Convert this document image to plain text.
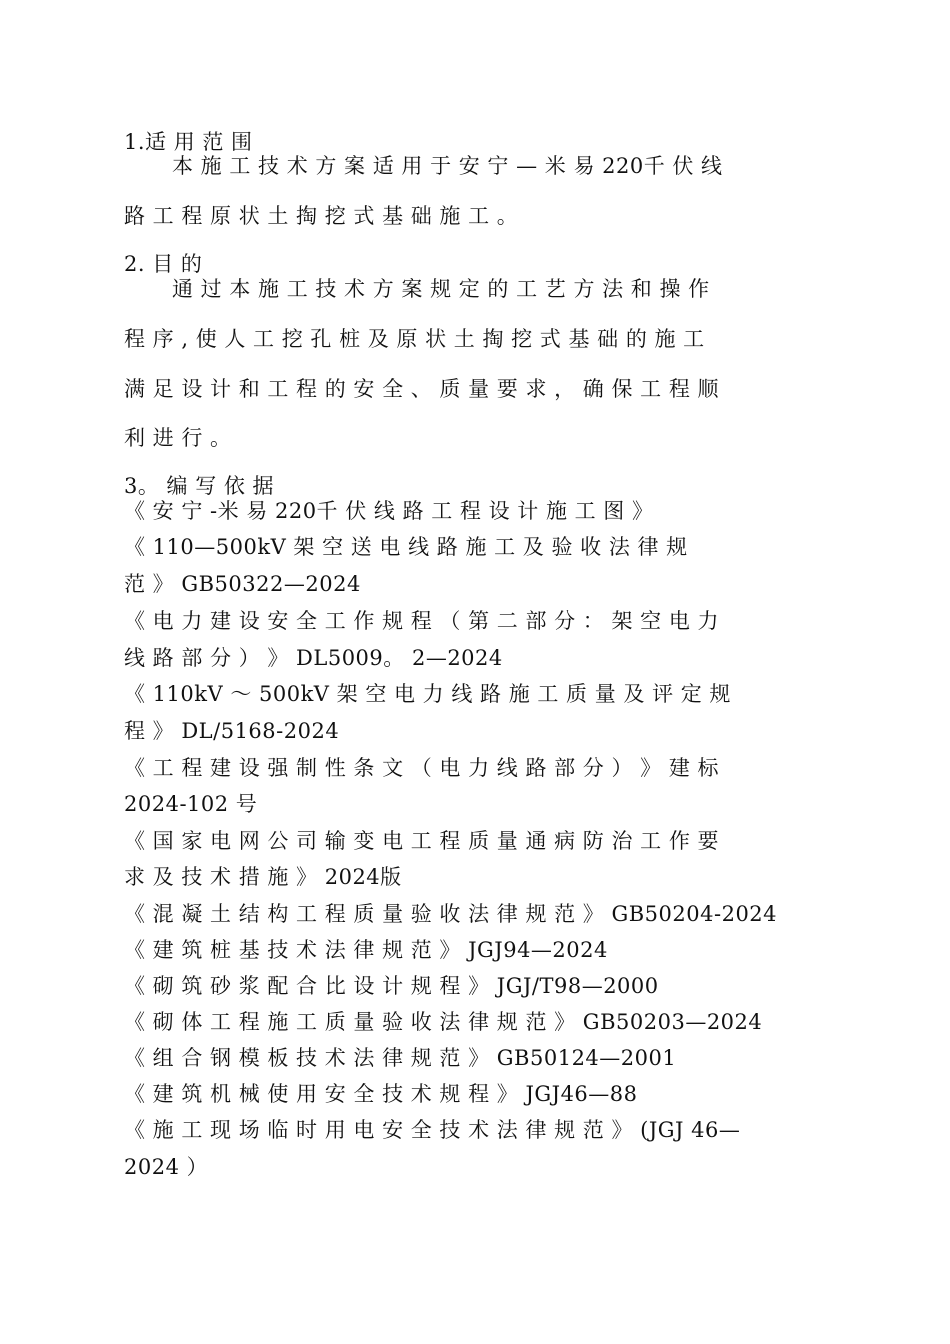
1.适 用 范 围
本 施 工 技 术 方 案 适 用 于 安 宁 — 米 易 220千 伏 线
路 工 程 原 状 土 掏 挖 式 基 础 施 工 。
2. 目 的
通 过 本 施 工 技 术 方 案 规 定 的 工 艺 方 法 和 操 作
程 序 , 使 人 工 挖 孔 桩 及 原 状 土 掏 挖 式 基 础 的 施 工
满 足 设 计 和 工 程 的 安 全 、 质 量 要 求 ， 确 保 工 程 顺
利 进 行 。
3。 编 写 依 据
《 安 宁 -米 易 220千 伏 线 路 工 程 设 计 施 工 图 》
《 110—500kV 架 空 送 电 线 路 施 工 及 验 收 法 律 规
范 》 GB50322—2024
《 电 力 建 设 安 全 工 作 规 程 （ 第 二 部 分 ： 架 空 电 力
线 路 部 分 ） 》 DL5009。 2—2024
《 110kV ～ 500kV 架 空 电 力 线 路 施 工 质 量 及 评 定 规
程 》 DL/5168-2024
《 工 程 建 设 强 制 性 条 文 （ 电 力 线 路 部 分 ） 》 建 标
2024-102 号
《 国 家 电 网 公 司 输 变 电 工 程 质 量 通 病 防 治 工 作 要
求 及 技 术 措 施 》 2024版
《 混 凝 土 结 构 工 程 质 量 验 收 法 律 规 范 》 GB50204-2024
《 建 筑 桩 基 技 术 法 律 规 范 》 JGJ94—2024
《 砌 筑 砂 浆 配 合 比 设 计 规 程 》 JGJ/T98—2000
《 砌 体 工 程 施 工 质 量 验 收 法 律 规 范 》 GB50203—2024
《 组 合 钢 模 板 技 术 法 律 规 范 》 GB50124—2001
《 建 筑 机 械 使 用 安 全 技 术 规 程 》 JGJ46—88
《 施 工 现 场 临 时 用 电 安 全 技 术 法 律 规 范 》 (JGJ 46—
2024 ）
